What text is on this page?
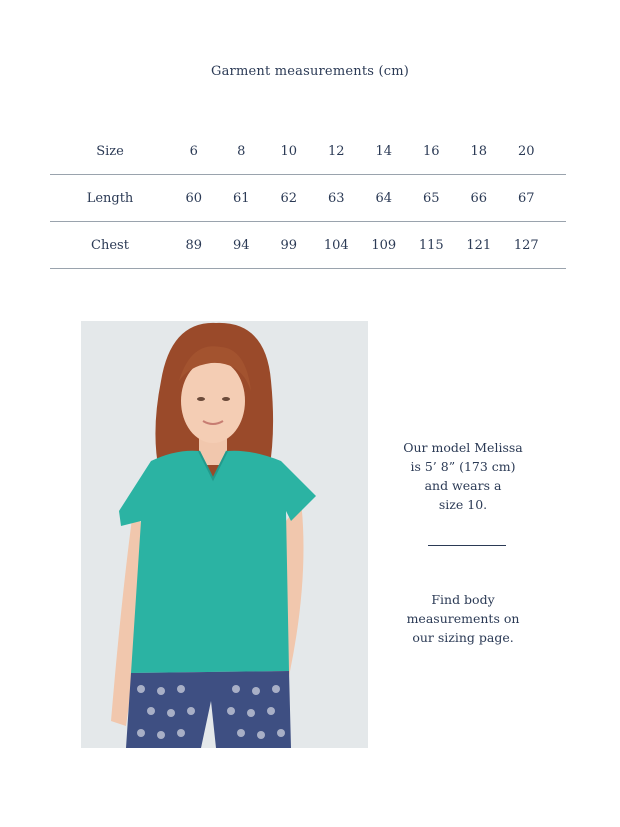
Garment measurements (cm)
Size	6	8	10	12	14	16	18	20
Length	60	61	62	63	64	65	66	67
Chest	89	94	99	104	109	115	121	127
Our model Melissa
is 5’ 8” (173 cm)
and wears a
size 10.
Find body
measurements on
our sizing page.
